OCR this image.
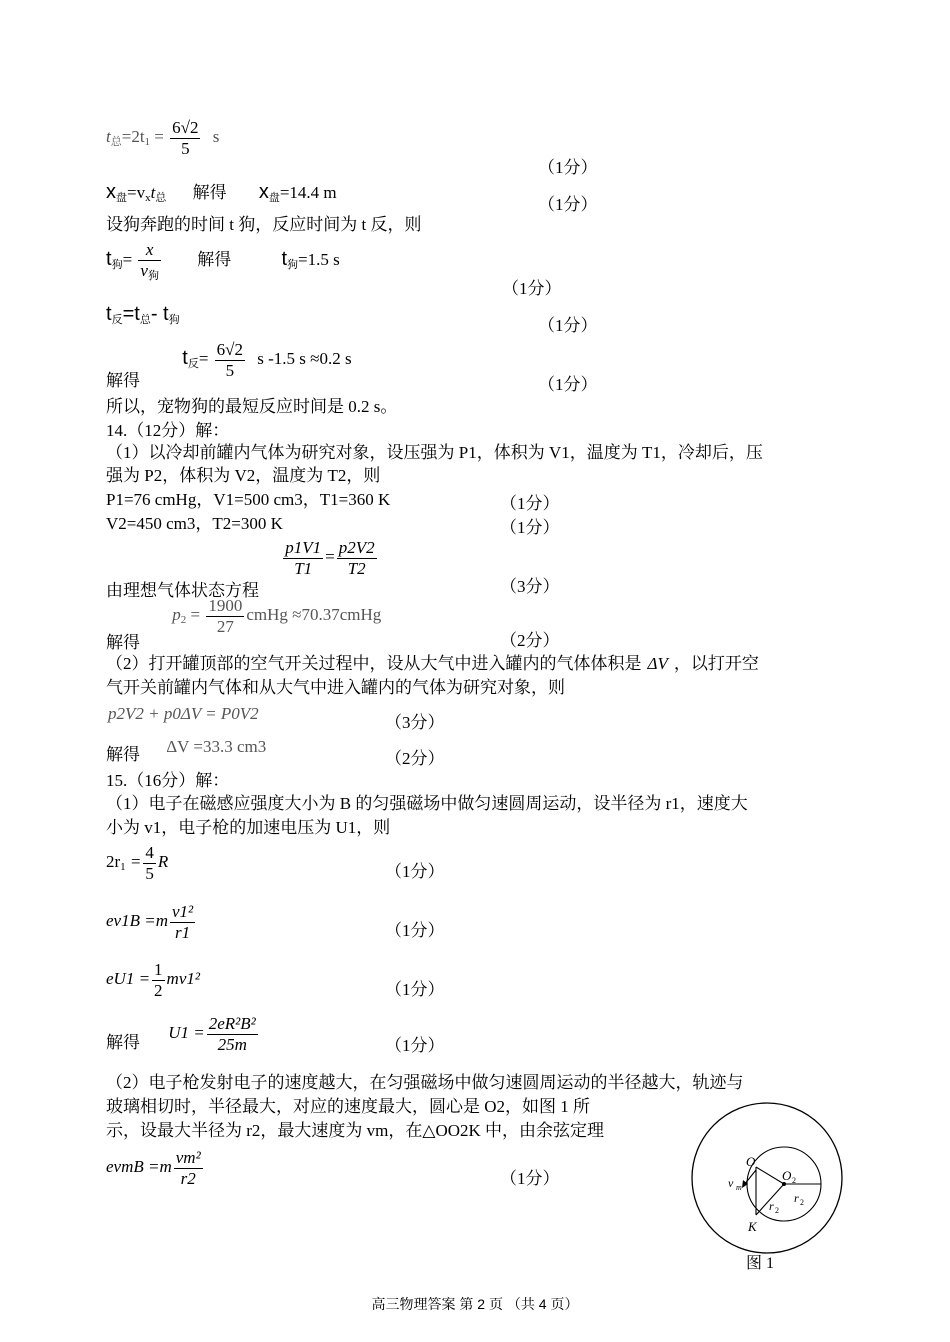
$t_总=2t_1 = \frac{6√2}{5}$ s
（1分）
$x_盘=v_xt_总$ 解得 $x_盘=14.4$ m
（1分）
设狗奔跑的时间 t 狗，反应时间为 t 反，则
$t_狗= \frac{x}{v_狗}$ 解得	$t_狗=1.5$ s
（1分）
$t_反=t_总-$ $t_狗$	（1分）
解得 $t_反= \frac{6√2}{5}$ s -1.5 s ≈0.2 s
（1分）
所以，宠物狗的最短反应时间是 0.2 s。
14.（12分）解：
（1）以冷却前罐内气体为研究对象，设压强为 P1，体积为 V1，温度为 T1，冷却后，压
强为 P2，体积为 V2，温度为 T2，则
P1=76 cmHg，V1=500 cm3，T1=360 K	（1分）
V2=450 cm3，T2=300 K	（1分）
由理想气体状态方程
$\frac{p1V1}{T1} = \frac{p2V2}{T2}$
（3分）
解得 $p_2 = \frac{1900}{27}$ cmHg ≈70.37cmHg
（2分）
（2）打开罐顶部的空气开关过程中，设从大气中进入罐内的气体体积是 ΔV ，以打开空
气开关前罐内气体和从大气中进入罐内的气体为研究对象，则
p2V2 + p0ΔV = P0V2	（3分）
解得 ΔV =33.3 cm3
（2分）
15.（16分）解：
（1）电子在磁感应强度大小为 B 的匀强磁场中做匀速圆周运动，设半径为 r1，速度大
小为 v1，电子枪的加速电压为 U1，则
$2r_1 = \frac{4}{5}$ R
（1分）
$ev1B =m \frac{\text{v1²}}{r1}$	（1分）
$eU1 = \frac{1}{2} mv1^2$
（1分）
解得 $U1 = \frac{\text{2eR²B²}}{25m}$	（1分）
（2）电子枪发射电子的速度越大，在匀强磁场中做匀速圆周运动的半径越大，轨迹与
玻璃相切时，半径最大，对应的速度最大，圆心是 O2，如图 1 所
示，设最大半径为 r2，最大速度为 vm，在△OO2K 中，由余弦定理
evmB $=m \frac{\text{vm²}}{r2}$	（1分）
O
O 2
v m
r 2
r 2
K
图 1
高三物理答案 第 2 页 （共 4 页）
